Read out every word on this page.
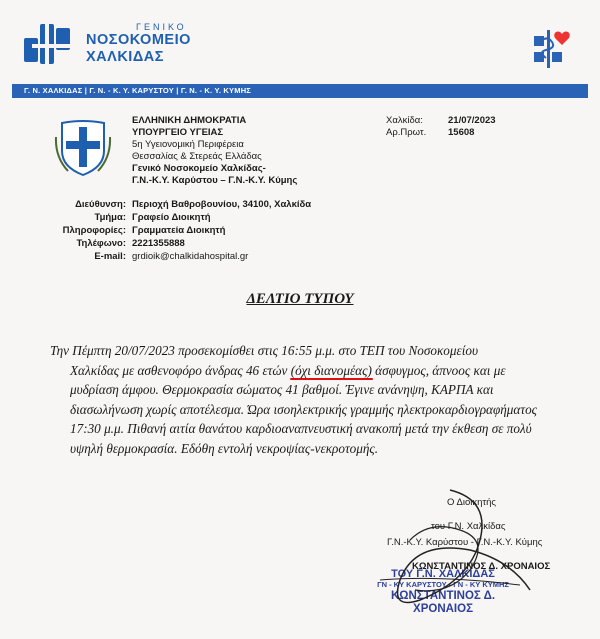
ΓΕΝΙΚΟ
ΝΟΣΟΚΟΜΕΙΟ
ΧΑΛΚΙΔΑΣ
Γ. Ν. ΧΑΛΚΙΔΑΣ | Γ. Ν. - Κ. Υ. ΚΑΡΥΣΤΟΥ | Γ. Ν. - Κ. Υ. ΚΥΜΗΣ
ΕΛΛΗΝΙΚΗ ΔΗΜΟΚΡΑΤΙΑ
ΥΠΟΥΡΓΕΙΟ ΥΓΕΙΑΣ
5η Υγειονομική Περιφέρεια
Θεσσαλίας & Στερεάς Ελλάδας
Γενικό Νοσοκομείο Χαλκίδας-
Γ.Ν.-Κ.Υ. Καρύστου – Γ.Ν.-Κ.Υ. Κύμης
Χαλκίδα:	21/07/2023
Αρ.Πρωτ.	15608
Διεύθυνση: Περιοχή Βαθροβουνίου, 34100, Χαλκίδα
Τμήμα: Γραφείο Διοικητή
Πληροφορίες: Γραμματεία Διοικητή
Τηλέφωνο: 2221355888
E-mail: grdioik@chalkidahospital.gr
ΔΕΛΤΙΟ ΤΥΠΟΥ

Την Πέμπτη 20/07/2023 προσεκομίσθει στις 16:55 μ.μ. στο ΤΕΠ του Νοσοκομείου

Χαλκίδας με ασθενοφόρο άνδρας 46 ετών (όχι διανομέας) άσφυγμος, άπνοος και με

μυδρίαση άμφου. Θερμοκρασία σώματος 41 βαθμοί. Έγινε ανάνηψη, ΚΑΡΠΑ και

διασωλήνωση χωρίς αποτέλεσμα. Ώρα ισοηλεκτρικής γραμμής ηλεκτροκαρδιογραφήματος

17:30 μ.μ. Πιθανή αιτία θανάτου καρδιοαναπνευστική ανακοπή μετά την έκθεση σε πολύ

υψηλή θερμοκρασία. Εδόθη εντολή νεκροψίας-νεκροτομής.

Ο Διοικητής
του Γ.Ν. Χαλκίδας
Γ.Ν.-Κ.Υ. Καρύστου - Γ.Ν.-Κ.Υ. Κύμης
ΚΩΝΣΤΑΝΤΙΝΟΣ Δ. ΧΡΟΝΑΙΟΣ
ΤΟΥ Γ.Ν. ΧΑΛΚΙΔΑΣ
ΓΝ - ΚΥ ΚΑΡΥΣΤΟΥ - ΓΝ - ΚΥ ΚΥΜΗΣ
ΚΩΝΣΤΑΝΤΙΝΟΣ Δ. ΧΡΟΝΑΙΟΣ
